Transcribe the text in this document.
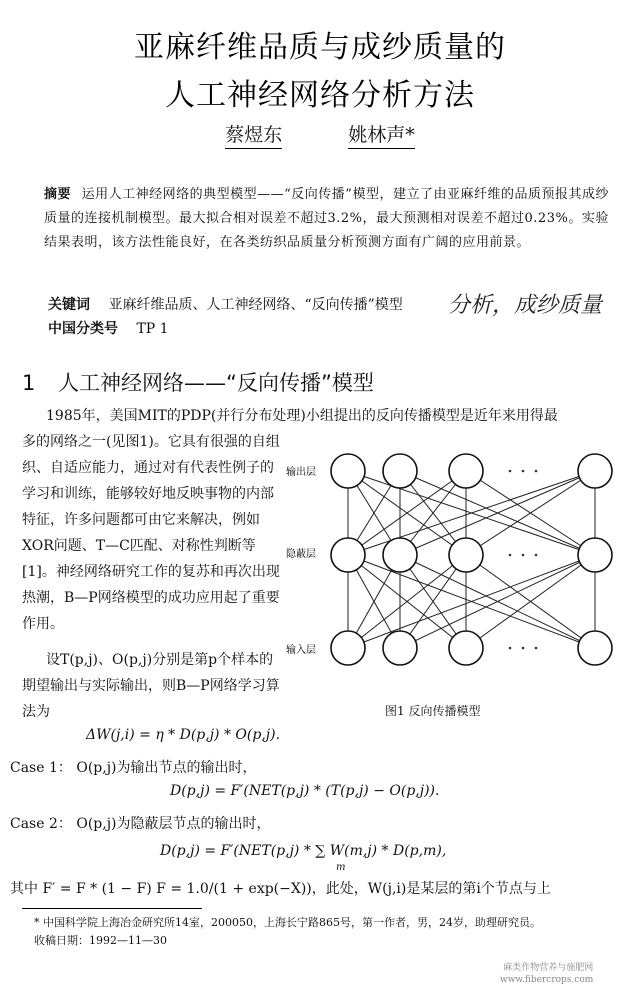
亚麻纤维品质与成纱质量的
人工神经网络分析方法
蔡煜东	姚林声*
摘要 运用人工神经网络的典型模型——“反向传播”模型，建立了由亚麻纤维的品质预报其成纱质量的连接机制模型。最大拟合相对误差不超过3.2%，最大预测相对误差不超过0.23%。实验结果表明，该方法性能良好，在各类纺织品质量分析预测方面有广阔的应用前景。
关键词 亚麻纤维品质、人工神经网络、“反向传播”模型
中国分类号 TP 1
分析，成纱质量
1 人工神经网络——“反向传播”模型
1985年，美国MIT的PDP(并行分布处理)小组提出的反向传播模型是近年来用得最
多的网络之一(见图1)。它具有很强的自组织、自适应能力，通过对有代表性例子的学习和训练，能够较好地反映事物的内部特征，许多问题都可由它来解决，例如XOR问题、T—C匹配、对称性判断等[1]。神经网络研究工作的复苏和再次出现热潮，B—P网络模型的成功应用起了重要作用。
设T(p,j)、O(p,j)分别是第p个样本的期望输出与实际输出，则B—P网络学习算法为
ΔW(j,i) = η * D(p,j) * O(p,j).
Case 1： O(p,j)为输出节点的输出时，
D(p,j) = F′(NET(p,j) * (T(p,j) − O(p,j)).
Case 2： O(p,j)为隐蔽层节点的输出时，
D(p,j) = F′(NET(p,j) * ∑ W(m,j) * D(p,m),
m
其中 F′ = F * (1 − F) F = 1.0/(1 + exp(−X))，此处，W(j,i)是某层的第i个节点与上
输出层
隐蔽层
输入层
图1 反向传播模型
* 中国科学院上海冶金研究所14室，200050，上海长宁路865号，第一作者，男，24岁，助理研究员。
收稿日期：1992—11—30
麻类作物营养与施肥网
www.fibercrops.com
